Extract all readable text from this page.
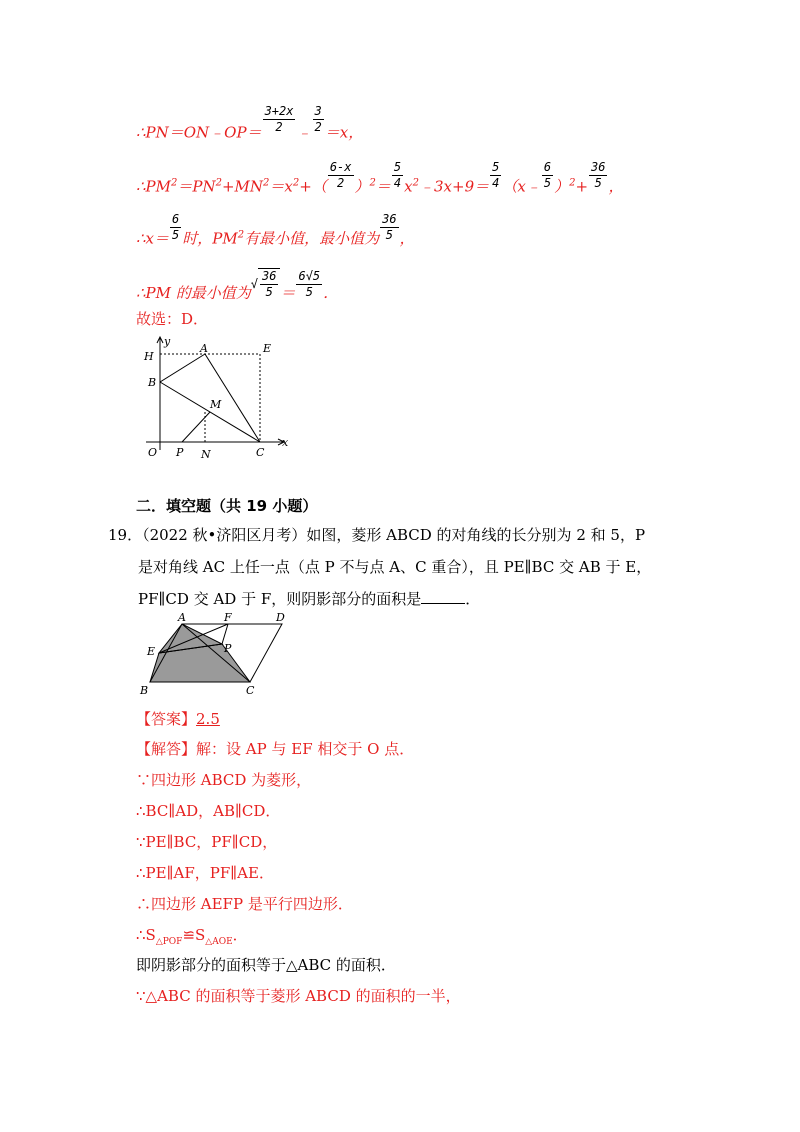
∴PN＝ON﹣OP＝ $\frac{3+2x}{2}$ ﹣ $\frac{3}{2} =x$，
$\therefore PM^2=PN^2+MN^2=x^2+( \frac{6-x}{2} )^2= \frac{5}{4}$ $x^2﹣3x+9= \frac{5}{4}$ （x﹣ $\frac{6}{5} )^2+ \frac{36}{5}$ ，
∴x＝ $\frac{6}{5}$ 时，$PM^2$有最小值，最小值为 $\frac{36}{5}$ ，
∴PM 的最小值为√ $\frac{36}{5} = \frac{6√5}{5}$ ．
故选：D．
y
H
A	E
B
M
O P N	C
x
二．填空题（共 19 小题）
19．（2022 秋•济阳区月考）如图，菱形 ABCD 的对角线的长分别为 2 和 5，P
是对角线 AC 上任一点（点 P 不与点 A、C 重合），且 PE∥BC 交 AB 于 E，
PF∥CD 交 AD 于 F，则阴影部分的面积是	．
A	F	D
E	P
B	C
【答案】2.5
【解答】解：设 AP 与 EF 相交于 O 点．
∵四边形 ABCD 为菱形，
∴BC∥AD，AB∥CD．
∵PE∥BC，PF∥CD，
∴PE∥AF，PF∥AE．
∴四边形 AEFP 是平行四边形．
$\therefore S_{\triangle POF}≌S_{\triangle AOE}$．
即阴影部分的面积等于△ABC 的面积．
∵△ABC 的面积等于菱形 ABCD 的面积的一半，
